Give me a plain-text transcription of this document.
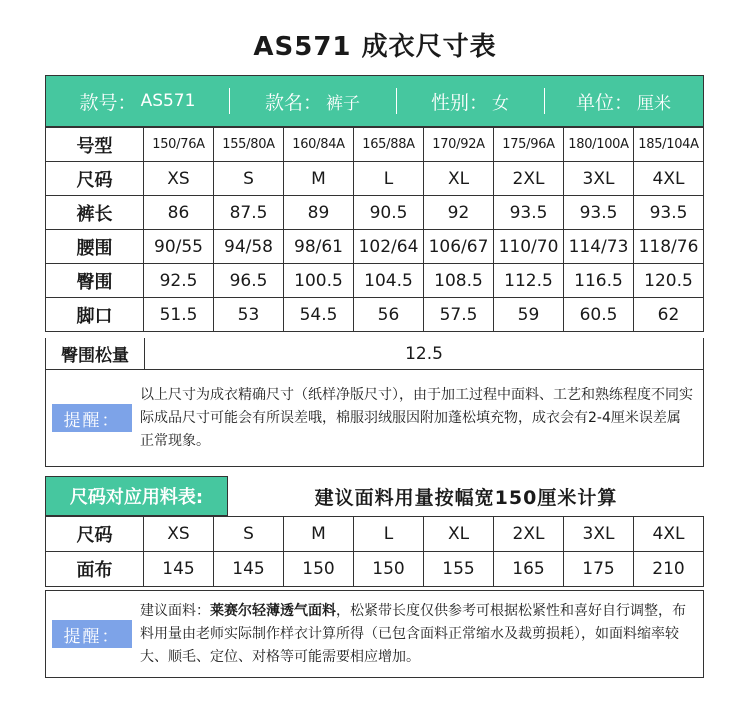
AS571 成衣尺寸表
款号： AS571	款名： 裤子	性别： 女	单位： 厘米
号型	150/76A	155/80A	160/84A	165/88A	170/92A	175/96A	180/100A	185/104A
尺码	XS	S	M	L	XL	2XL	3XL	4XL
裤长	86	87.5	89	90.5	92	93.5	93.5	93.5
腰围	90/55	94/58	98/61	102/64	106/67	110/70	114/73	118/76
臀围	92.5	96.5	100.5	104.5	108.5	112.5	116.5	120.5
脚口	51.5	53	54.5	56	57.5	59	60.5	62
臀围松量	12.5
提醒：
以上尺寸为成衣精确尺寸（纸样净版尺寸），由于加工过程中面料、工艺和熟练程度不同实际成品尺寸可能会有所误差哦，棉服羽绒服因附加蓬松填充物，成衣会有2-4厘米误差属正常现象。
尺码对应用料表:	建议面料用量按幅宽150厘米计算
尺码	XS	S	M	L	XL	2XL	3XL	4XL
面布	145	145	150	150	155	165	175	210
提醒：
建议面料：莱赛尔轻薄透气面料，松紧带长度仅供参考可根据松紧性和喜好自行调整，布料用量由老师实际制作样衣计算所得（已包含面料正常缩水及裁剪损耗），如面料缩率较大、顺毛、定位、对格等可能需要相应增加。
